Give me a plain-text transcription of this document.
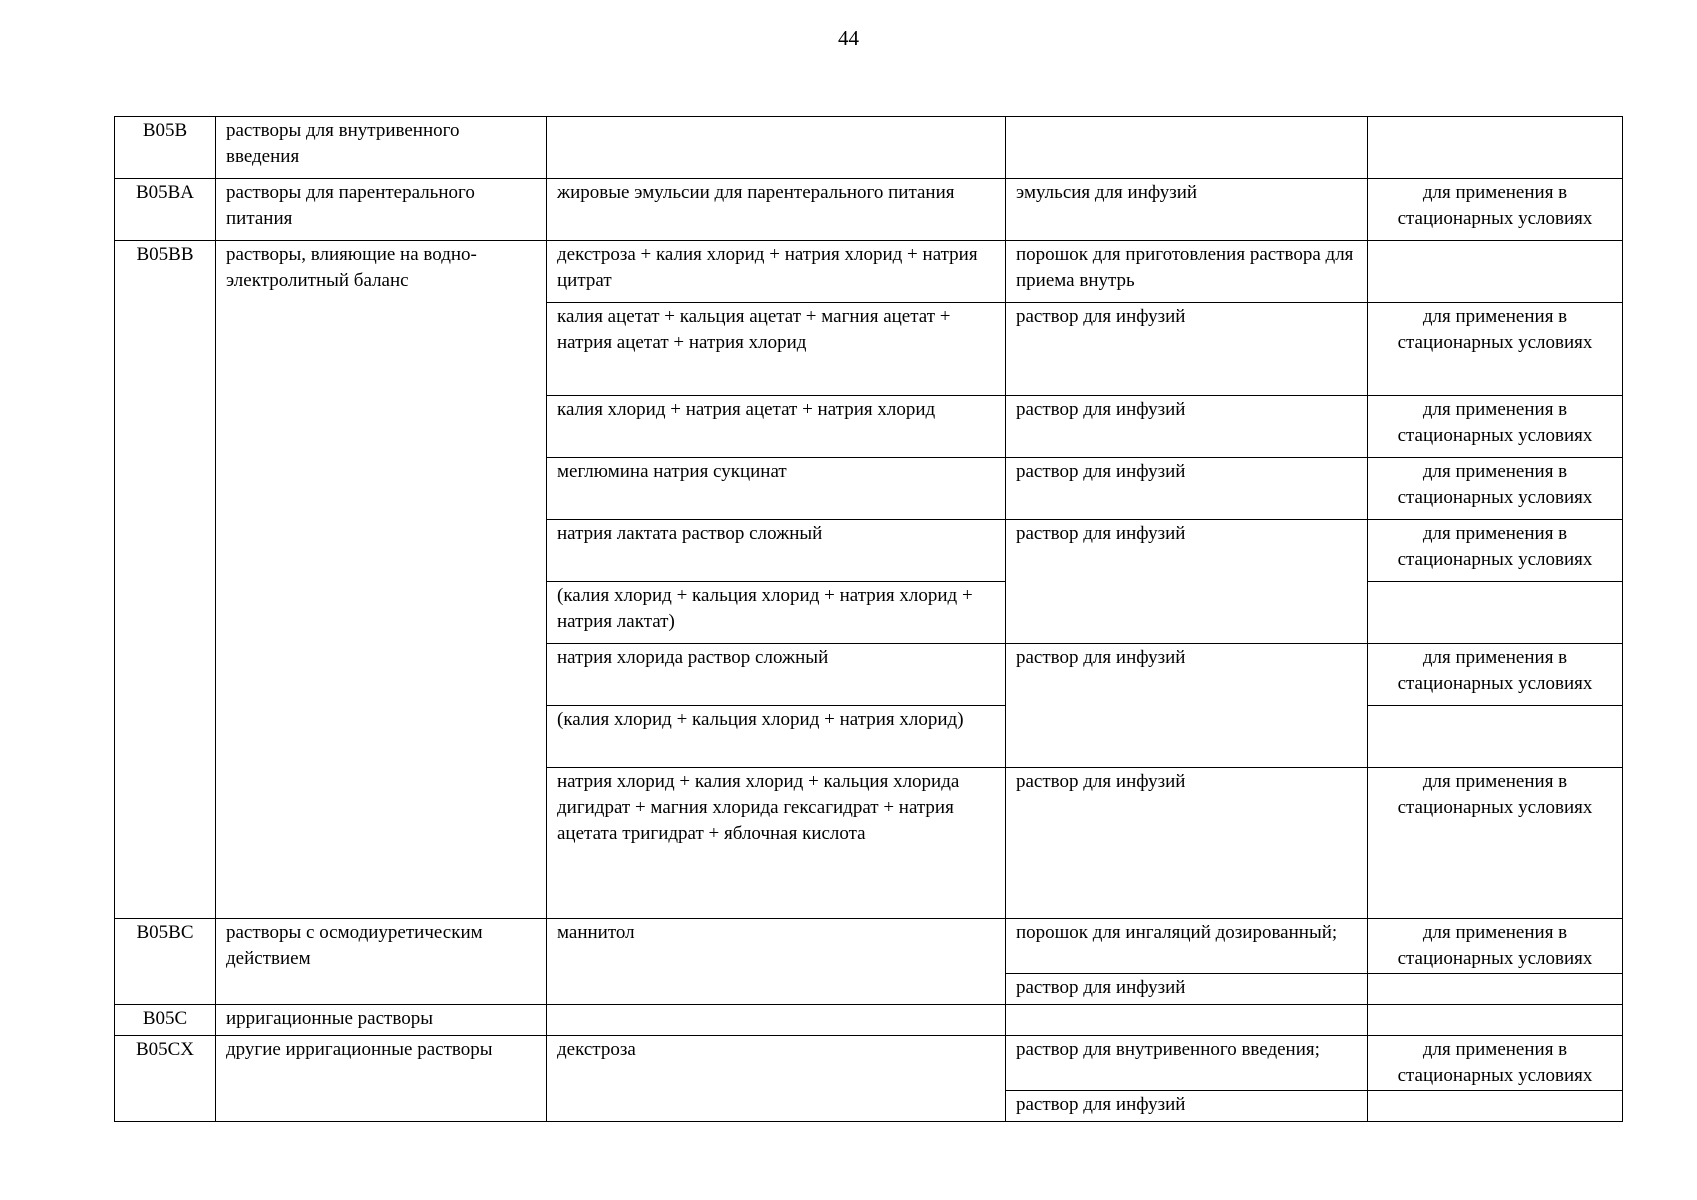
44
B05B	растворы для внутривенного введения			
B05BA	растворы для парентерального питания	жировые эмульсии для парентерального питания	эмульсия для инфузий	для применения в стационарных условиях
B05BB	растворы, влияющие на водно-электролитный баланс	декстроза + калия хлорид + натрия хлорид + натрия цитрат	порошок для приготовления раствора для приема внутрь	
		калия ацетат + кальция ацетат + магния ацетат + натрия ацетат + натрия хлорид	раствор для инфузий	для применения в стационарных условиях
		калия хлорид + натрия ацетат + натрия хлорид	раствор для инфузий	для применения в стационарных условиях
		меглюмина натрия сукцинат	раствор для инфузий	для применения в стационарных условиях
		натрия лактата раствор сложный	раствор для инфузий	для применения в стационарных условиях
		(калия хлорид + кальция хлорид + натрия хлорид + натрия лактат)		
		натрия хлорида раствор сложный	раствор для инфузий	для применения в стационарных условиях
		(калия хлорид + кальция хлорид + натрия хлорид)		
		натрия хлорид + калия хлорид + кальция хлорида дигидрат + магния хлорида гексагидрат + натрия ацетата тригидрат + яблочная кислота	раствор для инфузий	для применения в стационарных условиях

B05BC	растворы с осмодиуретическим действием	маннитол	порошок для ингаляций дозированный;	для применения в стационарных условиях
			раствор для инфузий	
B05C	ирригационные растворы			
B05CX	другие ирригационные растворы	декстроза	раствор для внутривенного введения;	для применения в стационарных условиях
			раствор для инфузий	
